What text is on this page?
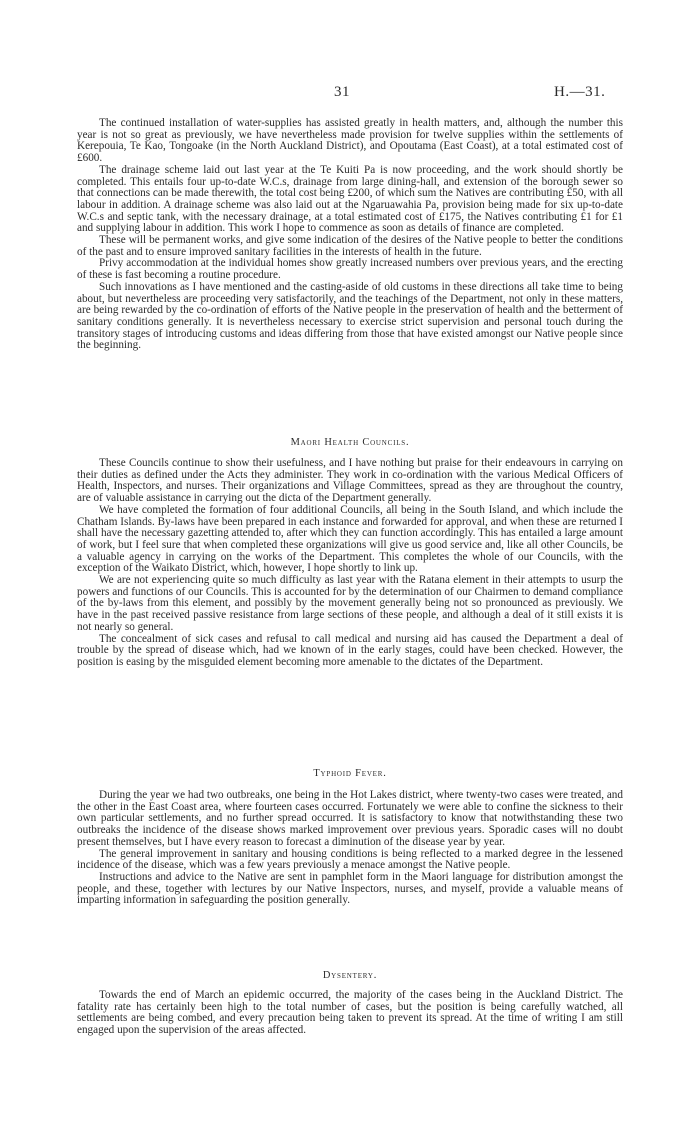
31	H.—31.

The continued installation of water-supplies has assisted greatly in health matters, and, although the number this year is not so great as previously, we have nevertheless made provision for twelve supplies within the settlements of Kerepouia, Te Kao, Tongoake (in the North Auckland District), and Opoutama (East Coast), at a total estimated cost of £600.

The drainage scheme laid out last year at the Te Kuiti Pa is now proceeding, and the work should shortly be completed. This entails four up-to-date W.C.s, drainage from large dining-hall, and extension of the borough sewer so that connections can be made therewith, the total cost being £200, of which sum the Natives are contributing £50, with all labour in addition. A drainage scheme was also laid out at the Ngaruawahia Pa, provision being made for six up-to-date W.C.s and septic tank, with the necessary drainage, at a total estimated cost of £175, the Natives contributing £1 for £1 and supplying labour in addition. This work I hope to commence as soon as details of finance are completed.

These will be permanent works, and give some indication of the desires of the Native people to better the conditions of the past and to ensure improved sanitary facilities in the interests of health in the future.

Privy accommodation at the individual homes show greatly increased numbers over previous years, and the erecting of these is fast becoming a routine procedure.

Such innovations as I have mentioned and the casting-aside of old customs in these directions all take time to being about, but nevertheless are proceeding very satisfactorily, and the teachings of the Department, not only in these matters, are being rewarded by the co-ordination of efforts of the Native people in the preservation of health and the betterment of sanitary conditions generally. It is nevertheless necessary to exercise strict supervision and personal touch during the transitory stages of introducing customs and ideas differing from those that have existed amongst our Native people since the beginning.

Maori Health Councils.

These Councils continue to show their usefulness, and I have nothing but praise for their endeavours in carrying on their duties as defined under the Acts they administer. They work in co-ordination with the various Medical Officers of Health, Inspectors, and nurses. Their organizations and Village Committees, spread as they are throughout the country, are of valuable assistance in carrying out the dicta of the Department generally.

We have completed the formation of four additional Councils, all being in the South Island, and which include the Chatham Islands. By-laws have been prepared in each instance and forwarded for approval, and when these are returned I shall have the necessary gazetting attended to, after which they can function accordingly. This has entailed a large amount of work, but I feel sure that when completed these organizations will give us good service and, like all other Councils, be a valuable agency in carrying on the works of the Department. This completes the whole of our Councils, with the exception of the Waikato District, which, however, I hope shortly to link up.

We are not experiencing quite so much difficulty as last year with the Ratana element in their attempts to usurp the powers and functions of our Councils. This is accounted for by the determination of our Chairmen to demand compliance of the by-laws from this element, and possibly by the movement generally being not so pronounced as previously. We have in the past received passive resistance from large sections of these people, and although a deal of it still exists it is not nearly so general.

The concealment of sick cases and refusal to call medical and nursing aid has caused the Department a deal of trouble by the spread of disease which, had we known of in the early stages, could have been checked. However, the position is easing by the misguided element becoming more amenable to the dictates of the Department.

Typhoid Fever.

During the year we had two outbreaks, one being in the Hot Lakes district, where twenty-two cases were treated, and the other in the East Coast area, where fourteen cases occurred. Fortunately we were able to confine the sickness to their own particular settlements, and no further spread occurred. It is satisfactory to know that notwithstanding these two outbreaks the incidence of the disease shows marked improvement over previous years. Sporadic cases will no doubt present themselves, but I have every reason to forecast a diminution of the disease year by year.

The general improvement in sanitary and housing conditions is being reflected to a marked degree in the lessened incidence of the disease, which was a few years previously a menace amongst the Native people.

Instructions and advice to the Native are sent in pamphlet form in the Maori language for distribution amongst the people, and these, together with lectures by our Native Inspectors, nurses, and myself, provide a valuable means of imparting information in safeguarding the position generally.

Dysentery.

Towards the end of March an epidemic occurred, the majority of the cases being in the Auckland District. The fatality rate has certainly been high to the total number of cases, but the position is being carefully watched, all settlements are being combed, and every precaution being taken to prevent its spread. At the time of writing I am still engaged upon the supervision of the areas affected.
